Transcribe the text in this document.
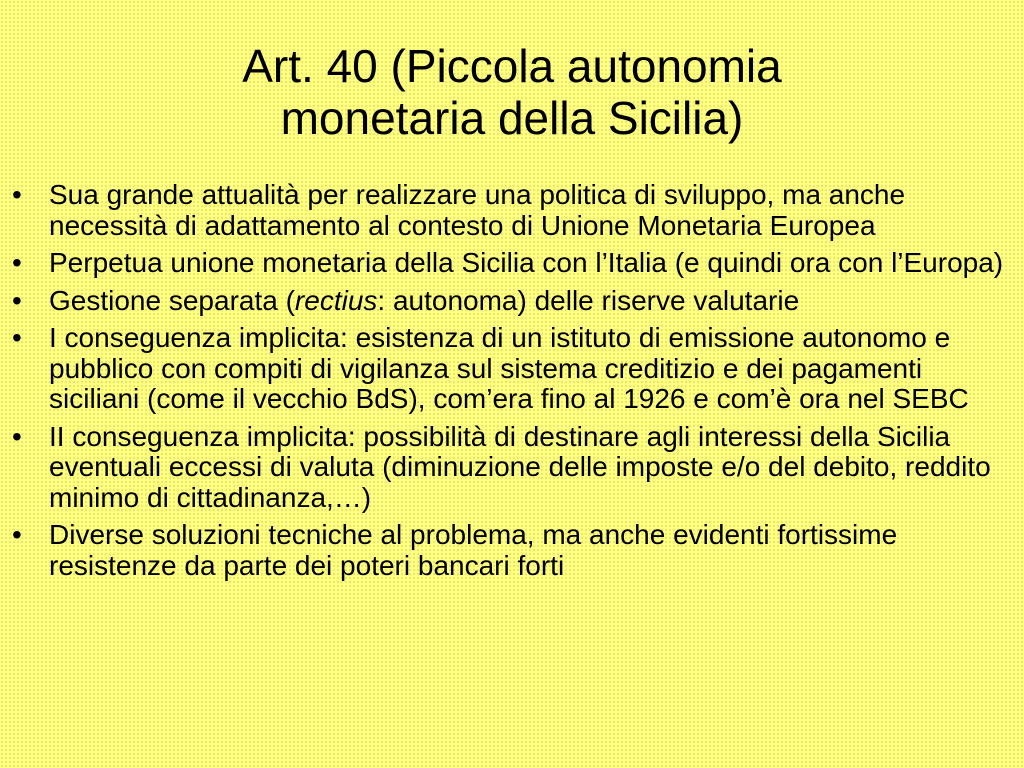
Art. 40 (Piccola autonomia
monetaria della Sicilia)
• Sua grande attualità per realizzare una politica di sviluppo, ma anche necessità di adattamento al contesto di Unione Monetaria Europea
• Perpetua unione monetaria della Sicilia con l’Italia (e quindi ora con l’Europa)
• Gestione separata (rectius: autonoma) delle riserve valutarie
• I conseguenza implicita: esistenza di un istituto di emissione autonomo e pubblico con compiti di vigilanza sul sistema creditizio e dei pagamenti siciliani (come il vecchio BdS), com’era fino al 1926 e com’è ora nel SEBC
• II conseguenza implicita: possibilità di destinare agli interessi della Sicilia eventuali eccessi di valuta (diminuzione delle imposte e/o del debito, reddito minimo di cittadinanza,…)
• Diverse soluzioni tecniche al problema, ma anche evidenti fortissime resistenze da parte dei poteri bancari forti
